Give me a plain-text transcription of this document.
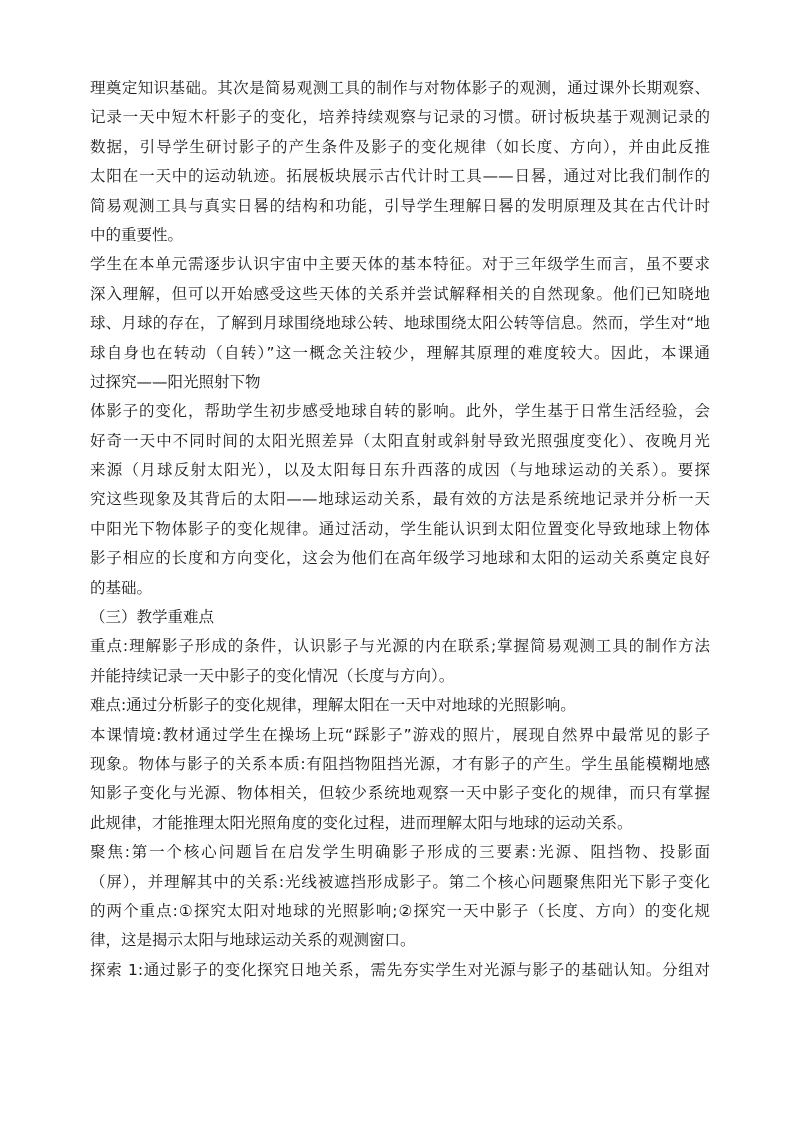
理奠定知识基础。其次是简易观测工具的制作与对物体影子的观测，通过课外长期观察、
记录一天中短木杆影子的变化，培养持续观察与记录的习惯。研讨板块基于观测记录的
数据，引导学生研讨影子的产生条件及影子的变化规律（如长度、方向），并由此反推
太阳在一天中的运动轨迹。拓展板块展示古代计时工具——日晷，通过对比我们制作的
简易观测工具与真实日晷的结构和功能，引导学生理解日晷的发明原理及其在古代计时
中的重要性。
学生在本单元需逐步认识宇宙中主要天体的基本特征。对于三年级学生而言，虽不要求
深入理解，但可以开始感受这些天体的关系并尝试解释相关的自然现象。他们已知晓地
球、月球的存在，了解到月球围绕地球公转、地球围绕太阳公转等信息。然而，学生对“地
球自身也在转动（自转）”这一概念关注较少，理解其原理的难度较大。因此，本课通
过探究——阳光照射下物
体影子的变化，帮助学生初步感受地球自转的影响。此外，学生基于日常生活经验，会
好奇一天中不同时间的太阳光照差异（太阳直射或斜射导致光照强度变化）、夜晚月光
来源（月球反射太阳光），以及太阳每日东升西落的成因（与地球运动的关系）。要探
究这些现象及其背后的太阳——地球运动关系，最有效的方法是系统地记录并分析一天
中阳光下物体影子的变化规律。通过活动，学生能认识到太阳位置变化导致地球上物体
影子相应的长度和方向变化，这会为他们在高年级学习地球和太阳的运动关系奠定良好
的基础。
（三）教学重难点
重点:理解影子形成的条件，认识影子与光源的内在联系;掌握简易观测工具的制作方法
并能持续记录一天中影子的变化情况（长度与方向）。
难点:通过分析影子的变化规律，理解太阳在一天中对地球的光照影响。
本课情境:教材通过学生在操场上玩“踩影子”游戏的照片，展现自然界中最常见的影子
现象。物体与影子的关系本质:有阻挡物阻挡光源，才有影子的产生。学生虽能模糊地感
知影子变化与光源、物体相关，但较少系统地观察一天中影子变化的规律，而只有掌握
此规律，才能推理太阳光照角度的变化过程，进而理解太阳与地球的运动关系。
聚焦:第一个核心问题旨在启发学生明确影子形成的三要素:光源、阻挡物、投影面
（屏），并理解其中的关系:光线被遮挡形成影子。第二个核心问题聚焦阳光下影子变化
的两个重点:①探究太阳对地球的光照影响;②探究一天中影子（长度、方向）的变化规
律，这是揭示太阳与地球运动关系的观测窗口。
探索 1:通过影子的变化探究日地关系，需先夯实学生对光源与影子的基础认知。分组对
